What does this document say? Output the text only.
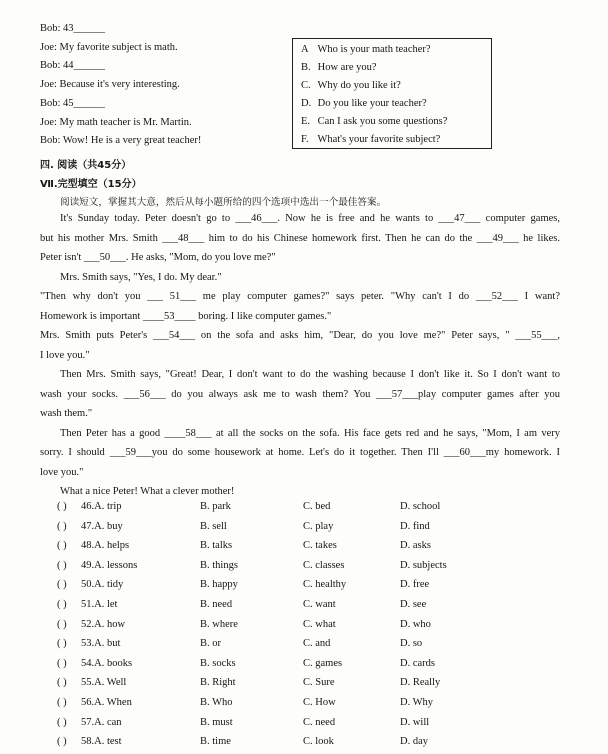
A Who is your math teacher?
B. How are you?
C. Why do you like it?
D. Do you like your teacher?
E. Can I ask you some questions?
F. What's your favorite subject?
四. 阅读（共45分）
Ⅶ.完型填空（15分）
阅读短文，掌握其大意，然后从每小题所给的四个选项中选出一个最佳答案。
Bob: 43______
Joe: My favorite subject is math.
Bob: 44______
Joe: Because it's very interesting.
Bob: 45______
Joe: My math teacher is Mr. Martin.
Bob: Wow! He is a very great teacher!
It's Sunday today. Peter doesn't go to ___46___. Now he is free and he wants to ___47___ computer games,
but his mother Mrs. Smith ___48___ him to do his Chinese homework first. Then he can do the ___49___ he likes.
Peter isn't ___50___. He asks, "Mom, do you love me?"
Mrs. Smith says, "Yes, I do. My dear."
"Then why don't you ___ 51___ me play computer games?" says peter. "Why can't I do ___52___ I want?
Homework is important ____53____ boring. I like computer games."
Mrs. Smith puts Peter's ___54___ on the sofa and asks him, "Dear, do you love me?" Peter says, " ___55___,
I love you."
Then Mrs. Smith says, "Great! Dear, I don't want to do the washing because I don't like it. So I don't want to
wash your socks. ___56___ do you always ask me to wash them? You ___57___play computer games after you
wash them."
Then Peter has a good ____58___ at all the socks on the sofa. His face gets red and he says, "Mom, I am very
sorry. I should ___59___you do some housework at home. Let's do it together. Then I'll ___60___my homework. I
love you."
What a nice Peter! What a clever mother!
( ) 46.A. trip	B. park	C. bed	D. school
( ) 47.A. buy	B. sell	C. play	D. find
( ) 48.A. helps	B. talks	C. takes	D. asks
( ) 49.A. lessons	B. things	C. classes	D. subjects
( ) 50.A. tidy	B. happy	C. healthy	D. free
( ) 51.A. let	B. need	C. want	D. see
( ) 52.A. how	B. where	C. what	D. who
( ) 53.A. but	B. or	C. and	D. so
( ) 54.A. books	B. socks	C. games	D. cards
( ) 55.A. Well	B. Right	C. Sure	D. Really
( ) 56.A. When	B. Who	C. How	D. Why
( ) 57.A. can	B. must	C. need	D. will
( ) 58.A. test	B. time	C. look	D. day
